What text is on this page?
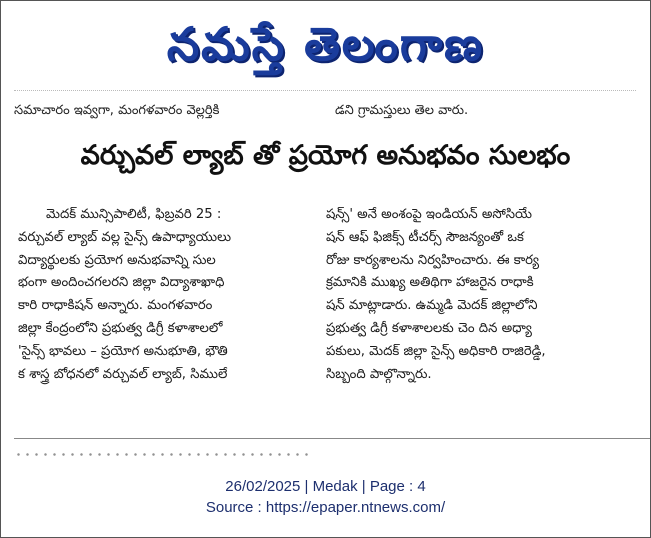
నమస్తే తెలంగాణ
సమాచారం ఇవ్వగా, మంగళవారం వెల్లర్తికి	డని గ్రామస్తులు తెల వారు.
వర్చువల్ ల్యాబ్ తో ప్రయోగ అనుభవం సులభం
మెదక్ మున్సిపాలిటీ, ఫిబ్రవరి 25 :
వర్చువల్ ల్యాబ్ వల్ల సైన్స్ ఉపాధ్యాయులు
విద్యార్థులకు ప్రయోగ అనుభవాన్ని సుల
భంగా అందించగలరని జిల్లా విద్యాశాఖాధి
కారి రాధాకిషన్ అన్నారు. మంగళవారం
జిల్లా కేంద్రంలోని ప్రభుత్వ డిగ్రీ కళాశాలలో
'సైన్స్ భావలు – ప్రయోగ అనుభూతి, భౌతి
క శాస్త్ర బోధనలో వర్చువల్ ల్యాబ్, సిములే
షన్స్' అనే అంశంపై ఇండియన్ అసోసియే
షన్ ఆఫ్ ఫిజిక్స్ టీచర్స్ సౌజన్యంతో ఒక
రోజు కార్యశాలను నిర్వహించారు. ఈ కార్య
క్రమానికి ముఖ్య అతిథిగా హాజరైన రాధాకి
షన్ మాట్లాడారు. ఉమ్మడి మెదక్ జిల్లాలోని
ప్రభుత్వ డిగ్రీ కళాశాలలకు చెం దిన అధ్యా
పకులు, మెదక్ జిల్లా సైన్స్ అధికారి రాజిరెడ్డి,
సిబ్బంది పాల్గొన్నారు.
26/02/2025 | Medak | Page : 4
Source : https://epaper.ntnews.com/
